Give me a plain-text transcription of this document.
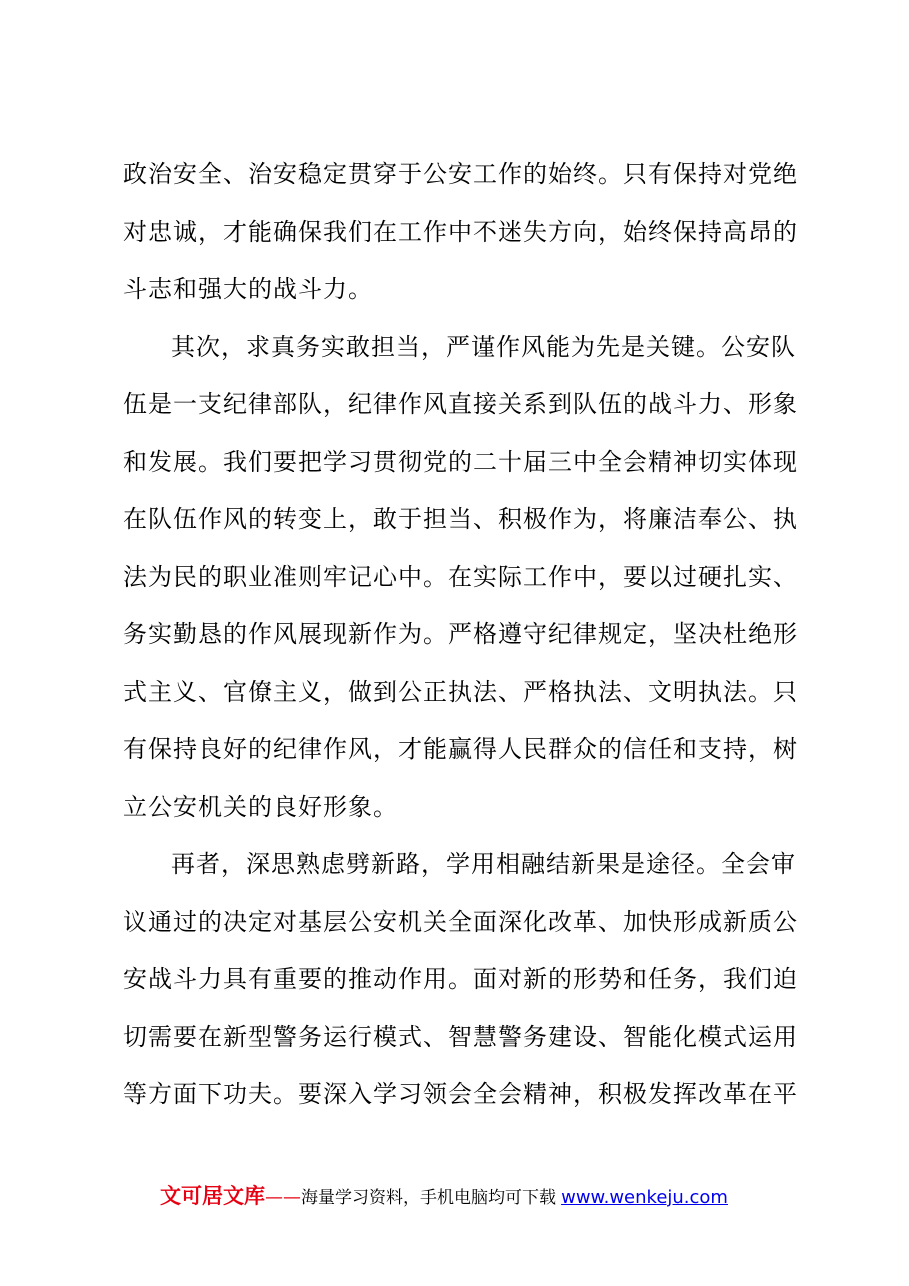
政治安全、治安稳定贯穿于公安工作的始终。只有保持对党绝
对忠诚，才能确保我们在工作中不迷失方向，始终保持高昂的
斗志和强大的战斗力。
其次，求真务实敢担当，严谨作风能为先是关键。公安队
伍是一支纪律部队，纪律作风直接关系到队伍的战斗力、形象
和发展。我们要把学习贯彻党的二十届三中全会精神切实体现
在队伍作风的转变上，敢于担当、积极作为，将廉洁奉公、执
法为民的职业准则牢记心中。在实际工作中，要以过硬扎实、
务实勤恳的作风展现新作为。严格遵守纪律规定，坚决杜绝形
式主义、官僚主义，做到公正执法、严格执法、文明执法。只
有保持良好的纪律作风，才能赢得人民群众的信任和支持，树
立公安机关的良好形象。
再者，深思熟虑劈新路，学用相融结新果是途径。全会审
议通过的决定对基层公安机关全面深化改革、加快形成新质公
安战斗力具有重要的推动作用。面对新的形势和任务，我们迫
切需要在新型警务运行模式、智慧警务建设、智能化模式运用
等方面下功夫。要深入学习领会全会精神，积极发挥改革在平
文可居文库——海量学习资料，手机电脑均可下载 www.wenkeju.com
